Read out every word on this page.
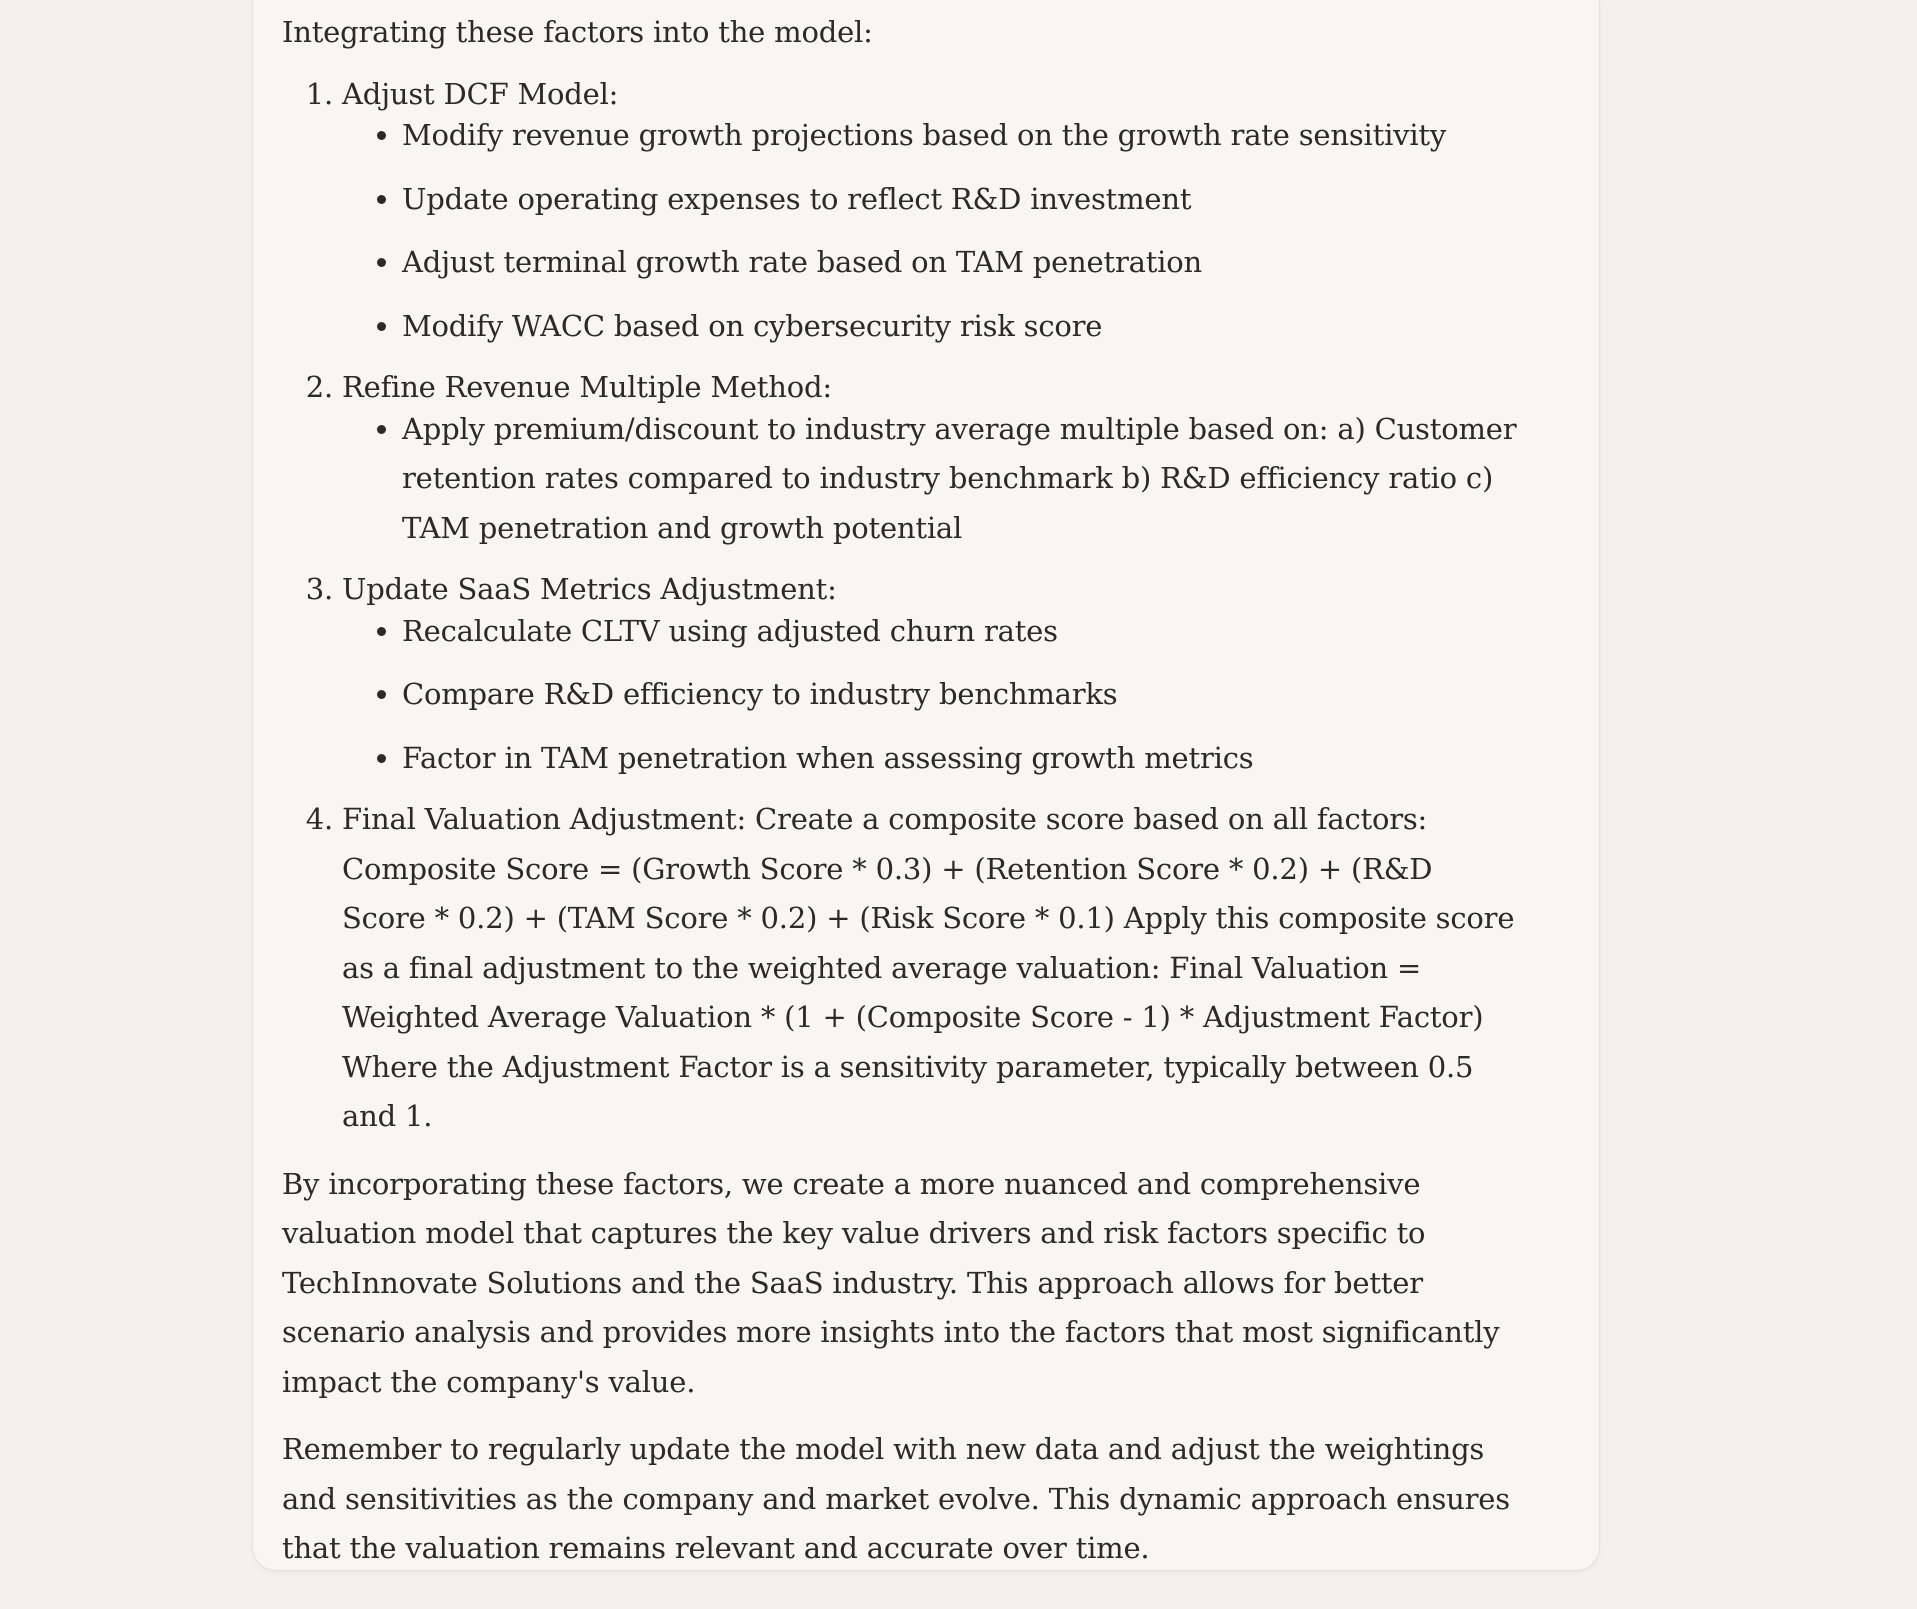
Integrating these factors into the model:

1. Adjust DCF Model:
• Modify revenue growth projections based on the growth rate sensitivity
• Update operating expenses to reflect R&D investment
• Adjust terminal growth rate based on TAM penetration
• Modify WACC based on cybersecurity risk score
2. Refine Revenue Multiple Method:
• Apply premium/discount to industry average multiple based on: a) Customer retention rates compared to industry benchmark b) R&D efficiency ratio c) TAM penetration and growth potential
3. Update SaaS Metrics Adjustment:
• Recalculate CLTV using adjusted churn rates
• Compare R&D efficiency to industry benchmarks
• Factor in TAM penetration when assessing growth metrics
4. Final Valuation Adjustment: Create a composite score based on all factors: Composite Score = (Growth Score * 0.3) + (Retention Score * 0.2) + (R&D Score * 0.2) + (TAM Score * 0.2) + (Risk Score * 0.1) Apply this composite score as a final adjustment to the weighted average valuation: Final Valuation = Weighted Average Valuation * (1 + (Composite Score - 1) * Adjustment Factor) Where the Adjustment Factor is a sensitivity parameter, typically between 0.5 and 1.

By incorporating these factors, we create a more nuanced and comprehensive valuation model that captures the key value drivers and risk factors specific to TechInnovate Solutions and the SaaS industry. This approach allows for better scenario analysis and provides more insights into the factors that most significantly impact the company's value.

Remember to regularly update the model with new data and adjust the weightings and sensitivities as the company and market evolve. This dynamic approach ensures that the valuation remains relevant and accurate over time.
